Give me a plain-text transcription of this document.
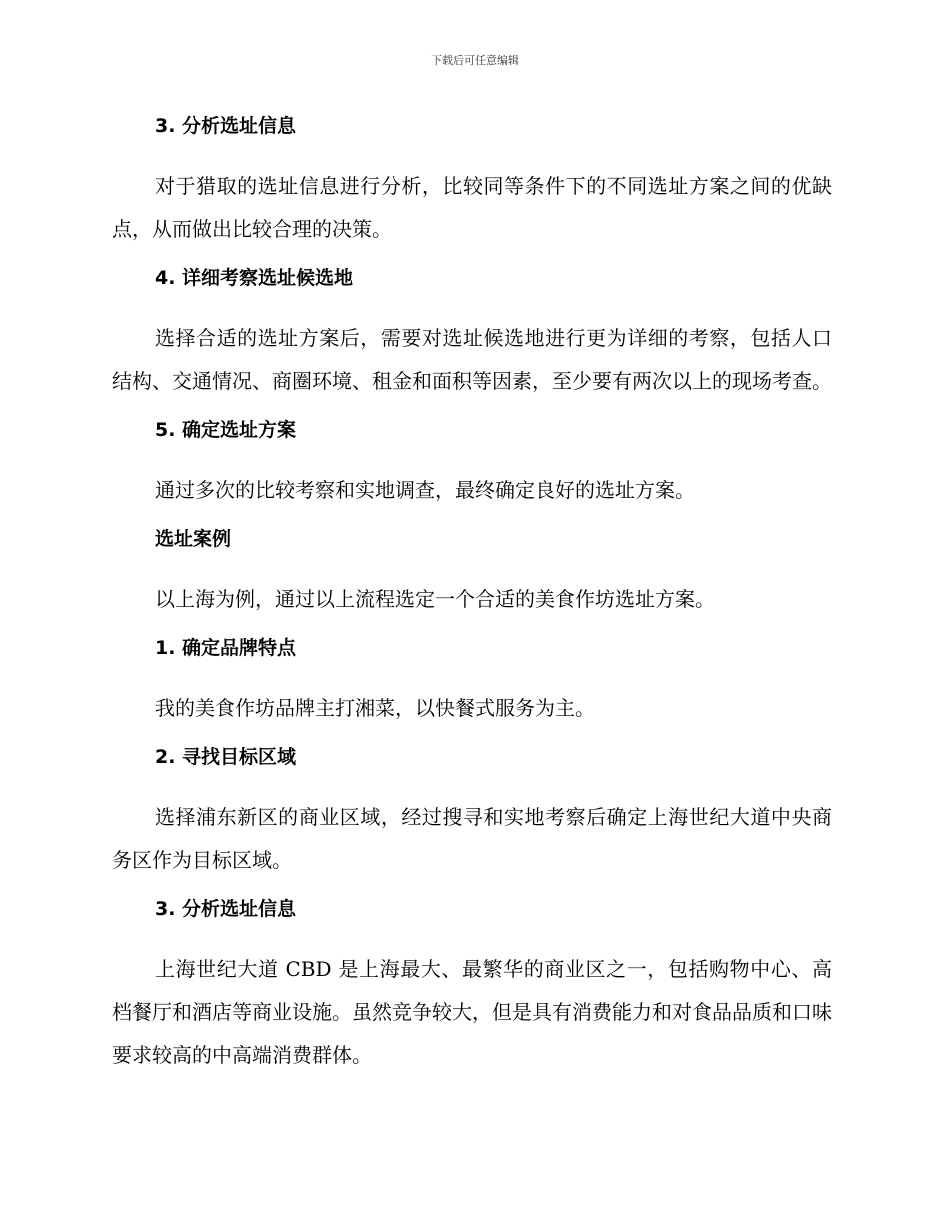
下载后可任意编辑
3. 分析选址信息
对于猎取的选址信息进行分析，比较同等条件下的不同选址方案之间的优缺点，从而做出比较合理的决策。
4. 详细考察选址候选地
选择合适的选址方案后，需要对选址候选地进行更为详细的考察，包括人口结构、交通情况、商圈环境、租金和面积等因素，至少要有两次以上的现场考查。
5. 确定选址方案
通过多次的比较考察和实地调查，最终确定良好的选址方案。
选址案例
以上海为例，通过以上流程选定一个合适的美食作坊选址方案。
1. 确定品牌特点
我的美食作坊品牌主打湘菜，以快餐式服务为主。
2. 寻找目标区域
选择浦东新区的商业区域，经过搜寻和实地考察后确定上海世纪大道中央商务区作为目标区域。
3. 分析选址信息
上海世纪大道 CBD 是上海最大、最繁华的商业区之一，包括购物中心、高档餐厅和酒店等商业设施。虽然竞争较大，但是具有消费能力和对食品品质和口味要求较高的中高端消费群体。
